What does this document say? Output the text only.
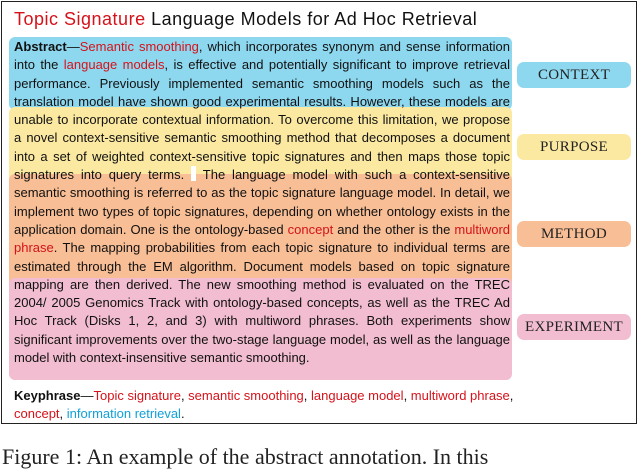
Topic Signature Language Models for Ad Hoc Retrieval
Abstract—Semantic smoothing, which incorporates synonym and sense information into the language models, is effective and potentially significant to improve retrieval performance. Previously implemented semantic smoothing models such as the translation model have shown good experimental results. However, these models are unable to incorporate contextual information. To overcome this limitation, we propose a novel context-sensitive semantic smoothing method that decomposes a document into a set of weighted context-sensitive topic signatures and then maps those topic signatures into query terms.  The language model with such a context-sensitive semantic smoothing is referred to as the topic signature language model. In detail, we implement two types of topic signatures, depending on whether ontology exists in the application domain. One is the ontology-based concept and the other is the multiword phrase. The mapping probabilities from each topic signature to individual terms are estimated through the EM algorithm. Document models based on topic signature mapping are then derived. The new smoothing method is evaluated on the TREC 2004/ 2005 Genomics Track with ontology-based concepts, as well as the TREC Ad Hoc Track (Disks 1, 2, and 3) with multiword phrases. Both experiments show significant improvements over the two-stage language model, as well as the language model with context-insensitive semantic smoothing.
CONTEXT
PURPOSE
METHOD
EXPERIMENT
Keyphrase—Topic signature, semantic smoothing, language model, multiword phrase, concept, information retrieval.
Figure 1: An example of the abstract annotation. In this
